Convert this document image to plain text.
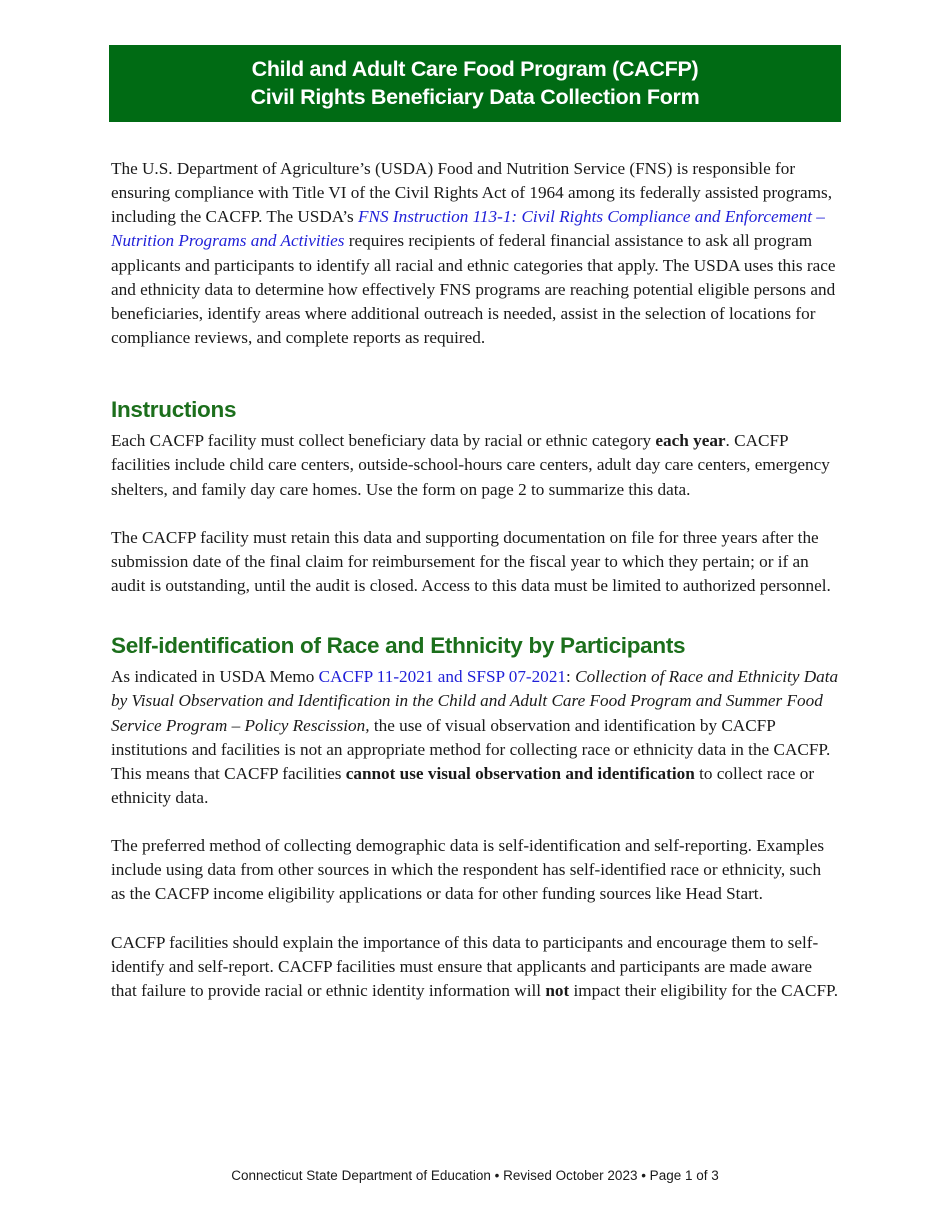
Child and Adult Care Food Program (CACFP)
Civil Rights Beneficiary Data Collection Form

The U.S. Department of Agriculture’s (USDA) Food and Nutrition Service (FNS) is responsible for ensuring compliance with Title VI of the Civil Rights Act of 1964 among its federally assisted programs, including the CACFP. The USDA’s FNS Instruction 113-1: Civil Rights Compliance and Enforcement – Nutrition Programs and Activities requires recipients of federal financial assistance to ask all program applicants and participants to identify all racial and ethnic categories that apply. The USDA uses this race and ethnicity data to determine how effectively FNS programs are reaching potential eligible persons and beneficiaries, identify areas where additional outreach is needed, assist in the selection of locations for compliance reviews, and complete reports as required.

Instructions

Each CACFP facility must collect beneficiary data by racial or ethnic category each year. CACFP facilities include child care centers, outside-school-hours care centers, adult day care centers, emergency shelters, and family day care homes. Use the form on page 2 to summarize this data.

The CACFP facility must retain this data and supporting documentation on file for three years after the submission date of the final claim for reimbursement for the fiscal year to which they pertain; or if an audit is outstanding, until the audit is closed. Access to this data must be limited to authorized personnel.

Self-identification of Race and Ethnicity by Participants

As indicated in USDA Memo CACFP 11-2021 and SFSP 07-2021: Collection of Race and Ethnicity Data by Visual Observation and Identification in the Child and Adult Care Food Program and Summer Food Service Program – Policy Rescission, the use of visual observation and identification by CACFP institutions and facilities is not an appropriate method for collecting race or ethnicity data in the CACFP. This means that CACFP facilities cannot use visual observation and identification to collect race or ethnicity data.

The preferred method of collecting demographic data is self-identification and self-reporting. Examples include using data from other sources in which the respondent has self-identified race or ethnicity, such as the CACFP income eligibility applications or data for other funding sources like Head Start.

CACFP facilities should explain the importance of this data to participants and encourage them to self-identify and self-report. CACFP facilities must ensure that applicants and participants are made aware that failure to provide racial or ethnic identity information will not impact their eligibility for the CACFP.

Connecticut State Department of Education • Revised October 2023 • Page 1 of 3
